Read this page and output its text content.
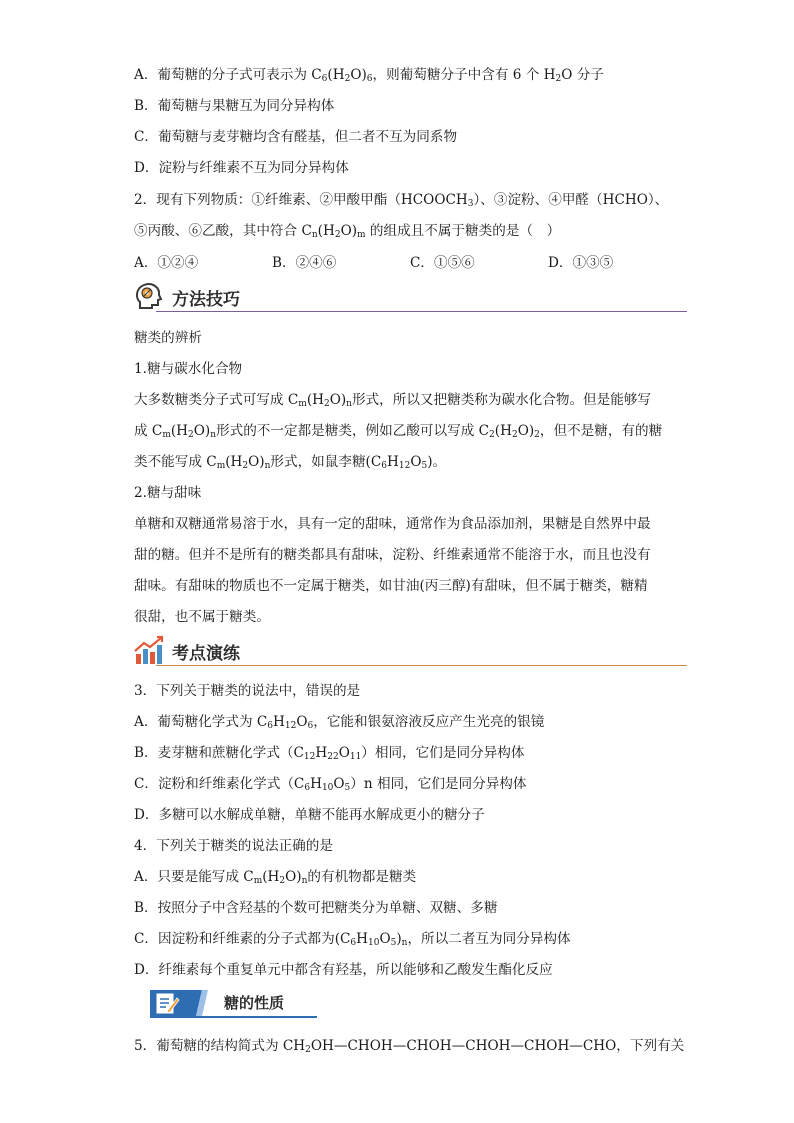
A．葡萄糖的分子式可表示为 $C_6(H_2O)_6$，则葡萄糖分子中含有 6 个 $H_2O$ 分子
B．葡萄糖与果糖互为同分异构体
C．葡萄糖与麦芽糖均含有醛基，但二者不互为同系物
D．淀粉与纤维素不互为同分异构体
2．现有下列物质：①纤维素、②甲酸甲酯$(HCOOCH_3)$、③淀粉、④甲醛（HCHO）、
⑤丙酸、⑥乙酸，其中符合 $C_n(H_2O)_m$ 的组成且不属于糖类的是（　）
A．①②④	B．②④⑥	C．①⑤⑥	D．①③⑤
方法技巧
糖类的辨析
1.糖与碳水化合物
大多数糖类分子式可写成 $C_m(H_2O)_n$形式，所以又把糖类称为碳水化合物。但是能够写
成 $C_m(H_2O)_n$形式的不一定都是糖类，例如乙酸可以写成 $C_2(H_2O)_2$，但不是糖，有的糖
类不能写成 $C_m(H_2O)_n$形式，如鼠李糖$(C_6H_{12}O_5)$。
2.糖与甜味
单糖和双糖通常易溶于水，具有一定的甜味，通常作为食品添加剂，果糖是自然界中最
甜的糖。但并不是所有的糖类都具有甜味，淀粉、纤维素通常不能溶于水，而且也没有
甜味。有甜味的物质也不一定属于糖类，如甘油(丙三醇)有甜味，但不属于糖类，糖精
很甜，也不属于糖类。
考点演练
3．下列关于糖类的说法中，错误的是
A．葡萄糖化学式为 $C_6H_{12}O_6$，它能和银氨溶液反应产生光亮的银镜
B．麦芽糖和蔗糖化学式$(C_{12}H_{22}O_{11})$相同，它们是同分异构体
C．淀粉和纤维素化学式$(C_6H_{10}O_5)n$ 相同，它们是同分异构体
D．多糖可以水解成单糖，单糖不能再水解成更小的糖分子
4．下列关于糖类的说法正确的是
A．只要是能写成 $C_m(H_2O)_n$的有机物都是糖类
B．按照分子中含羟基的个数可把糖类分为单糖、双糖、多糖
C．因淀粉和纤维素的分子式都为$(C_6H_{10}O_5)_n$，所以二者互为同分异构体
D．纤维素每个重复单元中都含有羟基，所以能够和乙酸发生酯化反应
糖的性质
5．葡萄糖的结构简式为 $CH_2OH—CHOH—CHOH—CHOH—CHOH—CHO$，下列有关
